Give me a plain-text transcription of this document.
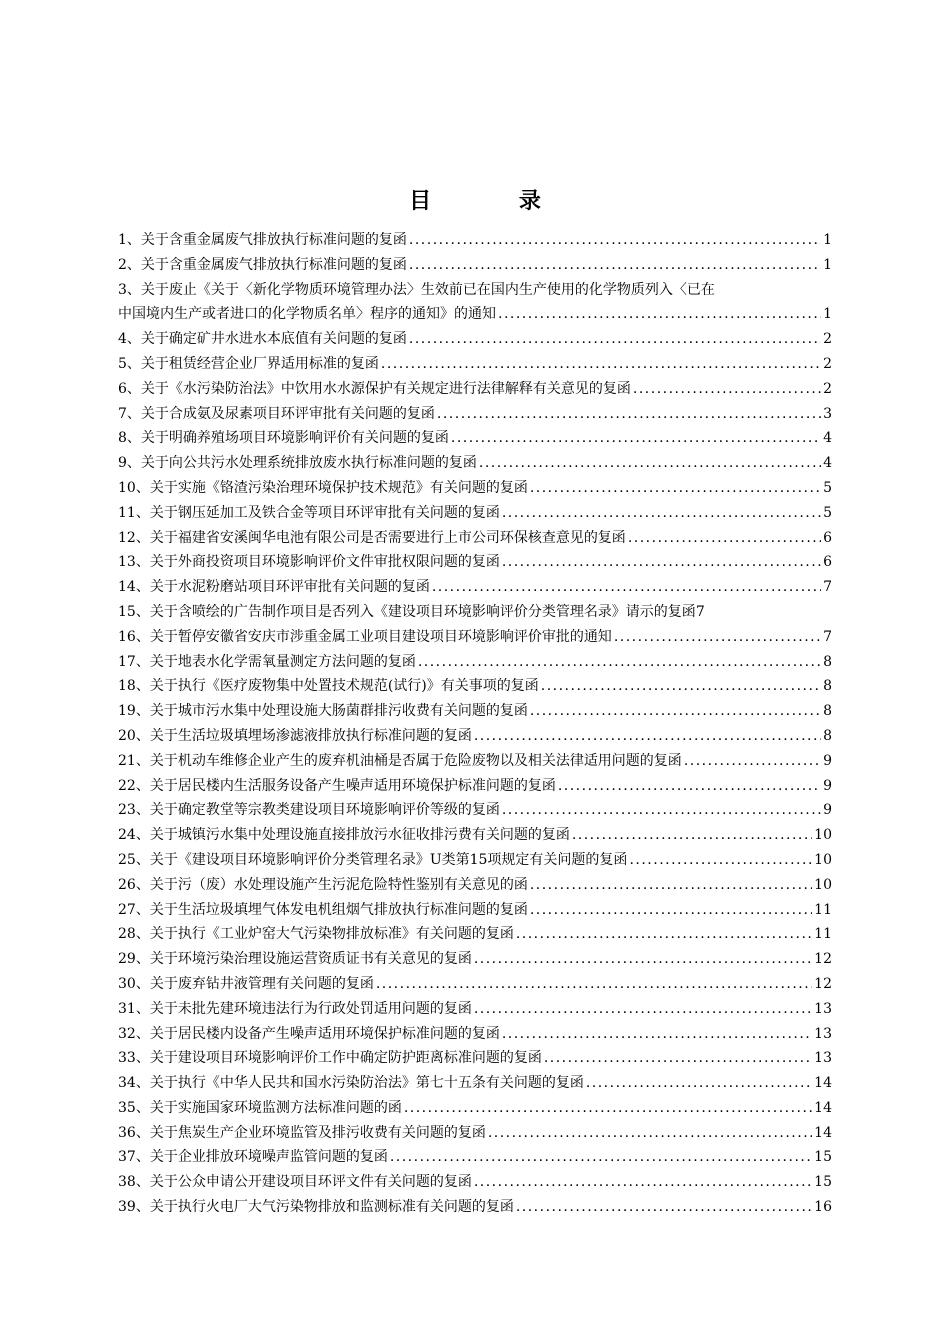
目 录
1、关于含重金属废气排放执行标准问题的复函 .....	1
2、关于含重金属废气排放执行标准问题的复函 .....	1
3、关于废止《关于〈新化学物质环境管理办法〉生效前已在国内生产使用的化学物质列入〈已在
中国境内生产或者进口的化学物质名单〉程序的通知》的通知 .....	1
4、关于确定矿井水进水本底值有关问题的复函 .....	2
5、关于租赁经营企业厂界适用标准的复函 .....	2
6、关于《水污染防治法》中饮用水水源保护有关规定进行法律解释有关意见的复函 .....	2
7、关于合成氨及尿素项目环评审批有关问题的复函 .....	3
8、关于明确养殖场项目环境影响评价有关问题的复函 .....	4
9、关于向公共污水处理系统排放废水执行标准问题的复函 .....	4
10、关于实施《铬渣污染治理环境保护技术规范》有关问题的复函 .....	5
11、关于钢压延加工及铁合金等项目环评审批有关问题的复函 .....	5
12、关于福建省安溪闽华电池有限公司是否需要进行上市公司环保核查意见的复函 .....	6
13、关于外商投资项目环境影响评价文件审批权限问题的复函 .....	6
14、关于水泥粉磨站项目环评审批有关问题的复函 .....	7
15、关于含喷绘的广告制作项目是否列入《建设项目环境影响评价分类管理名录》请示的复函 7
16、关于暂停安徽省安庆市涉重金属工业项目建设项目环境影响评价审批的通知 .....	7
17、关于地表水化学需氧量测定方法问题的复函 .....	8
18、关于执行《医疗废物集中处置技术规范(试行)》有关事项的复函 .....	8
19、关于城市污水集中处理设施大肠菌群排污收费有关问题的复函 .....	8
20、关于生活垃圾填埋场渗滤液排放执行标准问题的复函 .....	8
21、关于机动车维修企业产生的废弃机油桶是否属于危险废物以及相关法律适用问题的复函 .....	9
22、关于居民楼内生活服务设备产生噪声适用环境保护标准问题的复函 .....	9
23、关于确定教堂等宗教类建设项目环境影响评价等级的复函 .....	9
24、关于城镇污水集中处理设施直接排放污水征收排污费有关问题的复函 .....	10
25、关于《建设项目环境影响评价分类管理名录》U类第15项规定有关问题的复函 .....	10
26、关于污（废）水处理设施产生污泥危险特性鉴别有关意见的函 .....	10
27、关于生活垃圾填埋气体发电机组烟气排放执行标准问题的复函 .....	11
28、关于执行《工业炉窑大气污染物排放标准》有关问题的复函 .....	11
29、关于环境污染治理设施运营资质证书有关意见的复函 .....	12
30、关于废弃钻井液管理有关问题的复函 .....	12
31、关于未批先建环境违法行为行政处罚适用问题的复函 .....	13
32、关于居民楼内设备产生噪声适用环境保护标准问题的复函 .....	13
33、关于建设项目环境影响评价工作中确定防护距离标准问题的复函 .....	13
34、关于执行《中华人民共和国水污染防治法》第七十五条有关问题的复函 .....	14
35、关于实施国家环境监测方法标准问题的函 .....	14
36、关于焦炭生产企业环境监管及排污收费有关问题的复函 .....	14
37、关于企业排放环境噪声监管问题的复函 .....	15
38、关于公众申请公开建设项目环评文件有关问题的复函 .....	15
39、关于执行火电厂大气污染物排放和监测标准有关问题的复函 .....	16
